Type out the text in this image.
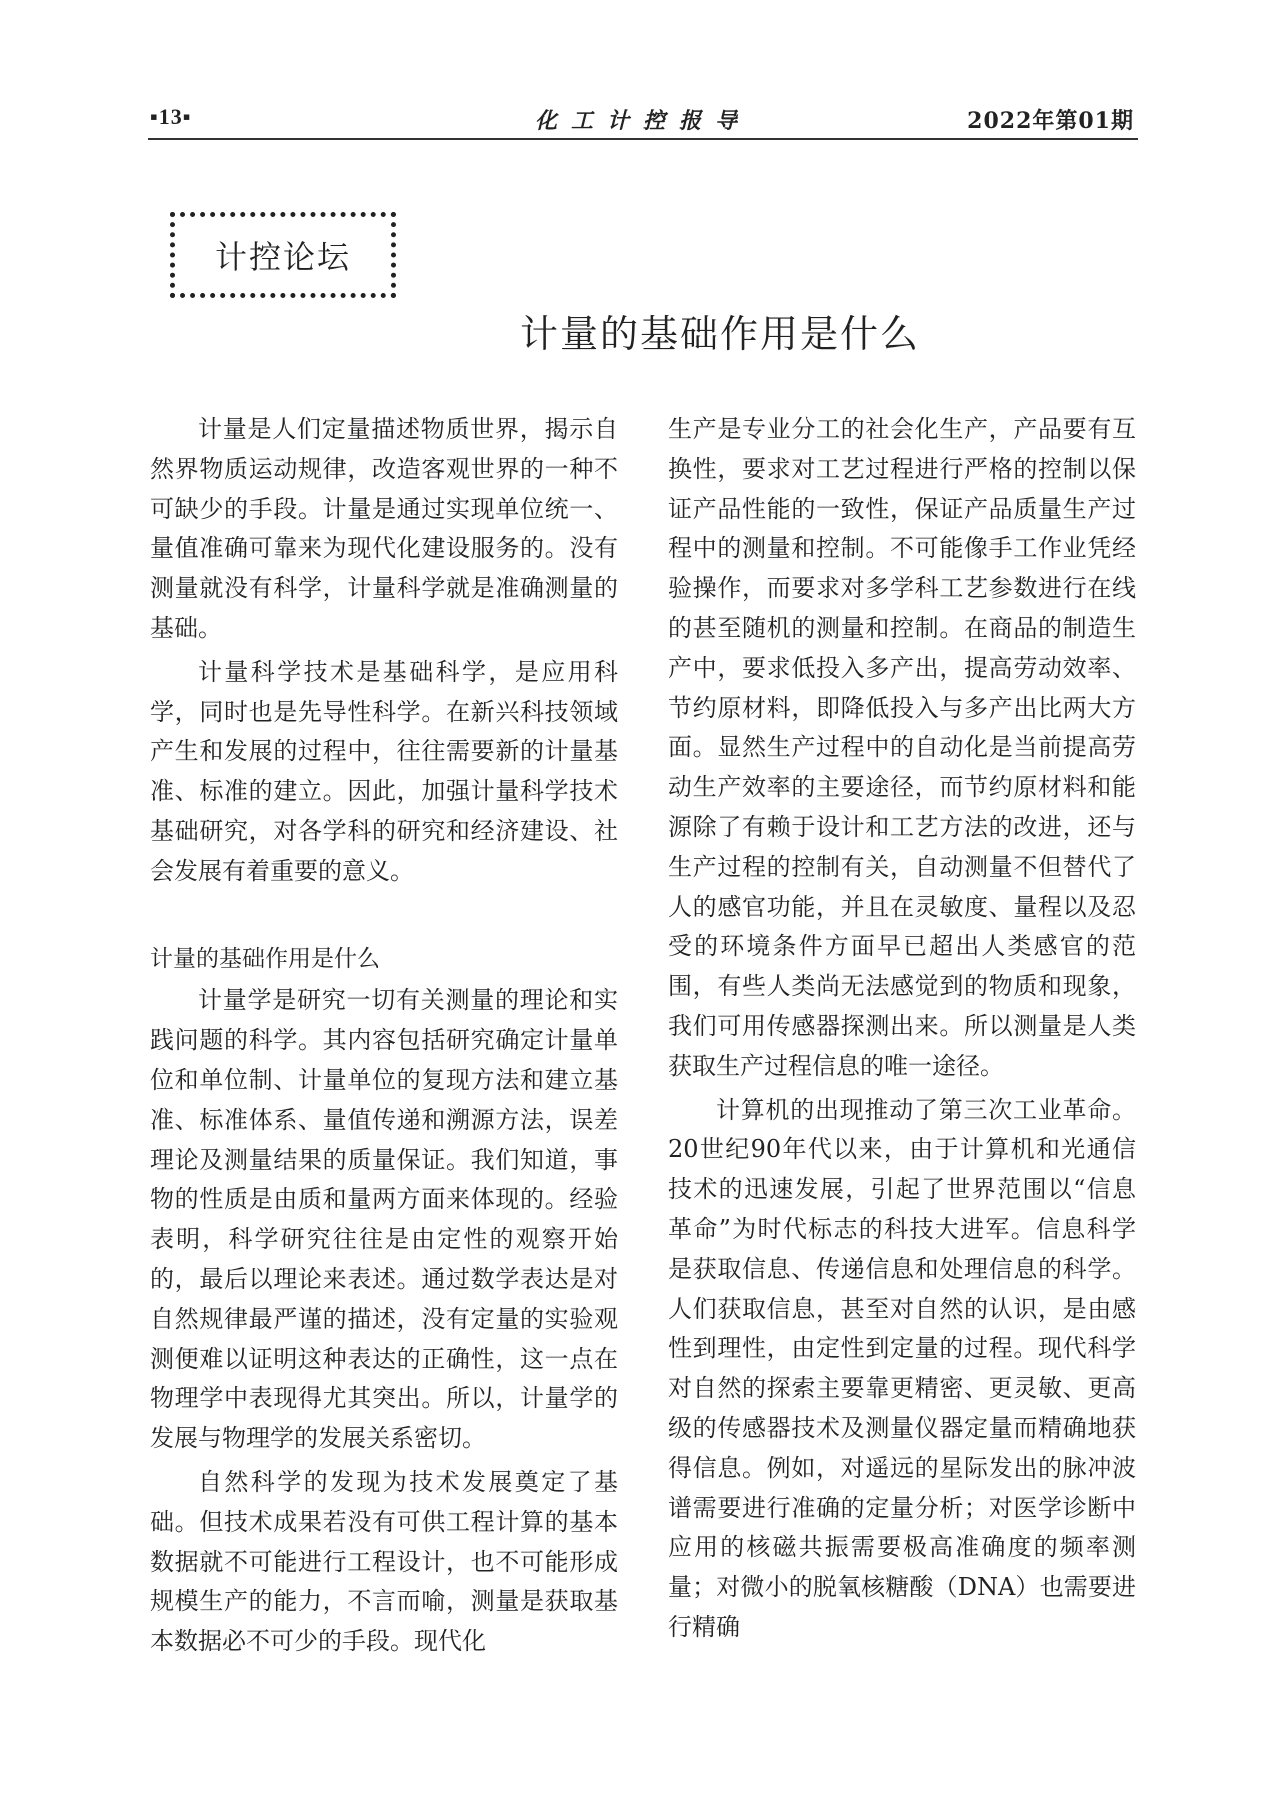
▪13▪	化工计控报导	2022年第01期
计控论坛
计量的基础作用是什么

计量是人们定量描述物质世界，揭示自然界物质运动规律，改造客观世界的一种不可缺少的手段。计量是通过实现单位统一、量值准确可靠来为现代化建设服务的。没有测量就没有科学，计量科学就是准确测量的基础。

计量科学技术是基础科学，是应用科学，同时也是先导性科学。在新兴科技领域产生和发展的过程中，往往需要新的计量基准、标准的建立。因此，加强计量科学技术基础研究，对各学科的研究和经济建设、社会发展有着重要的意义。

计量的基础作用是什么

计量学是研究一切有关测量的理论和实践问题的科学。其内容包括研究确定计量单位和单位制、计量单位的复现方法和建立基准、标准体系、量值传递和溯源方法，误差理论及测量结果的质量保证。我们知道，事物的性质是由质和量两方面来体现的。经验表明，科学研究往往是由定性的观察开始的，最后以理论来表述。通过数学表达是对自然规律最严谨的描述，没有定量的实验观测便难以证明这种表达的正确性，这一点在物理学中表现得尤其突出。所以，计量学的发展与物理学的发展关系密切。

自然科学的发现为技术发展奠定了基础。但技术成果若没有可供工程计算的基本数据就不可能进行工程设计，也不可能形成规模生产的能力，不言而喻，测量是获取基本数据必不可少的手段。现代化

生产是专业分工的社会化生产，产品要有互换性，要求对工艺过程进行严格的控制以保证产品性能的一致性，保证产品质量生产过程中的测量和控制。不可能像手工作业凭经验操作，而要求对多学科工艺参数进行在线的甚至随机的测量和控制。在商品的制造生产中，要求低投入多产出，提高劳动效率、节约原材料，即降低投入与多产出比两大方面。显然生产过程中的自动化是当前提高劳动生产效率的主要途径，而节约原材料和能源除了有赖于设计和工艺方法的改进，还与生产过程的控制有关，自动测量不但替代了人的感官功能，并且在灵敏度、量程以及忍受的环境条件方面早已超出人类感官的范围，有些人类尚无法感觉到的物质和现象，我们可用传感器探测出来。所以测量是人类获取生产过程信息的唯一途径。

计算机的出现推动了第三次工业革命。20世纪90年代以来，由于计算机和光通信技术的迅速发展，引起了世界范围以“信息革命”为时代标志的科技大进军。信息科学是获取信息、传递信息和处理信息的科学。人们获取信息，甚至对自然的认识，是由感性到理性，由定性到定量的过程。现代科学对自然的探索主要靠更精密、更灵敏、更高级的传感器技术及测量仪器定量而精确地获得信息。例如，对遥远的星际发出的脉冲波谱需要进行准确的定量分析；对医学诊断中应用的核磁共振需要极高准确度的频率测量；对微小的脱氧核糖酸（DNA）也需要进行精确
